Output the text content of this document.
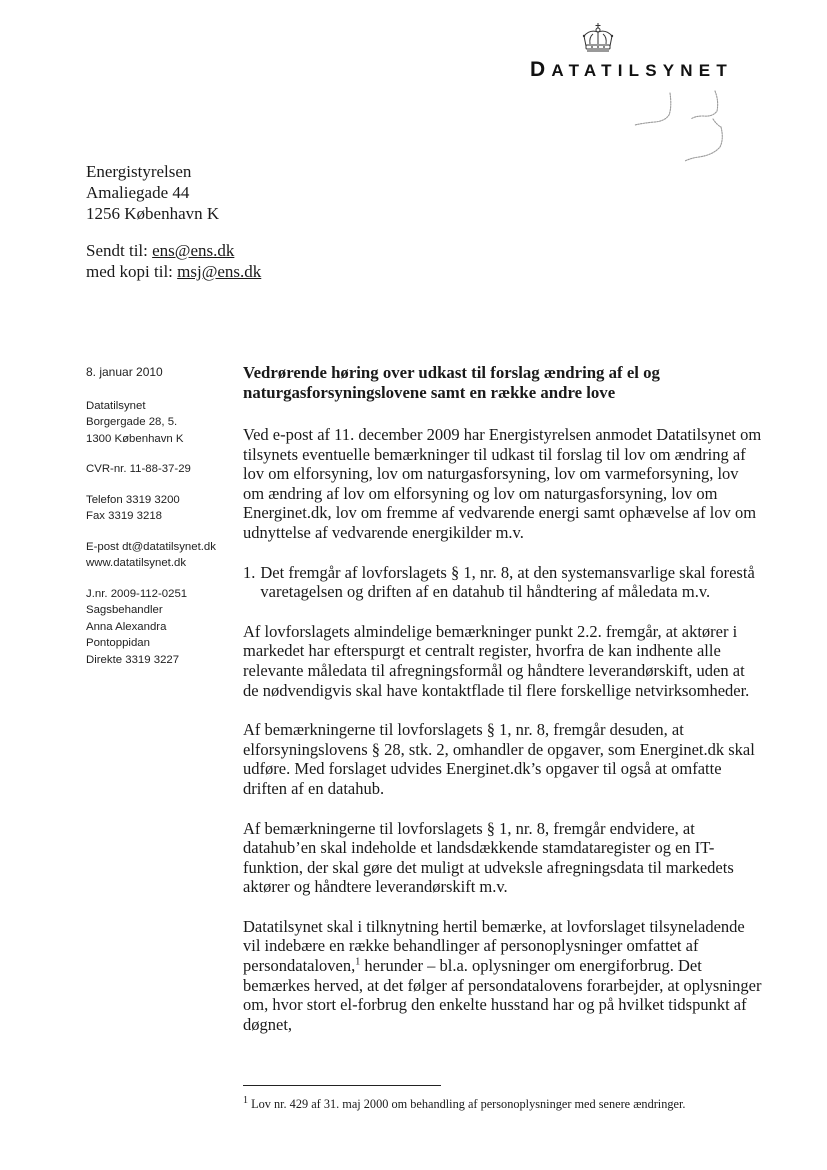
DATATILSYNET
Energistyrelsen
Amaliegade 44
1256 København K
Sendt til: ens@ens.dk
med kopi til: msj@ens.dk
8. januar 2010
Datatilsynet
Borgergade 28, 5.
1300 København K
CVR-nr. 11-88-37-29
Telefon 3319 3200
Fax 3319 3218
E-post dt@datatilsynet.dk
www.datatilsynet.dk
J.nr. 2009-112-0251
Sagsbehandler
Anna Alexandra
Pontoppidan
Direkte 3319 3227
Vedrørende høring over udkast til forslag ændring af el og naturgasforsyningslovene samt en række andre love

Ved e-post af 11. december 2009 har Energistyrelsen anmodet Datatilsynet om tilsynets eventuelle bemærkninger til udkast til forslag til lov om ændring af lov om elforsyning, lov om naturgasforsyning, lov om varmeforsyning, lov om ændring af lov om elforsyning og lov om naturgasforsyning, lov om Energinet.dk, lov om fremme af vedvarende energi samt ophævelse af lov om udnyttelse af vedvarende energikilder m.v.

1. Det fremgår af lovforslagets § 1, nr. 8, at den systemansvarlige skal forestå varetagelsen og driften af en datahub til håndtering af måledata m.v.

Af lovforslagets almindelige bemærkninger punkt 2.2. fremgår, at aktører i markedet har efterspurgt et centralt register, hvorfra de kan indhente alle relevante måledata til afregningsformål og håndtere leverandørskift, uden at de nødvendigvis skal have kontaktflade til flere forskellige netvirksomheder.

Af bemærkningerne til lovforslagets § 1, nr. 8, fremgår desuden, at elforsyningslovens § 28, stk. 2, omhandler de opgaver, som Energinet.dk skal udføre. Med forslaget udvides Energinet.dk’s opgaver til også at omfatte driften af en datahub.

Af bemærkningerne til lovforslagets § 1, nr. 8, fremgår endvidere, at datahub’en skal indeholde et landsdækkende stamdataregister og en IT-funktion, der skal gøre det muligt at udveksle afregningsdata til markedets aktører og håndtere leverandørskift m.v.

Datatilsynet skal i tilknytning hertil bemærke, at lovforslaget tilsyneladende vil indebære en række behandlinger af personoplysninger omfattet af persondataloven,$^1$ herunder – bl.a. oplysninger om energiforbrug. Det bemærkes herved, at det følger af persondatalovens forarbejder, at oplysninger om, hvor stort el-forbrug den enkelte husstand har og på hvilket tidspunkt af døgnet,

$^1$ Lov nr. 429 af 31. maj 2000 om behandling af personoplysninger med senere ændringer.
